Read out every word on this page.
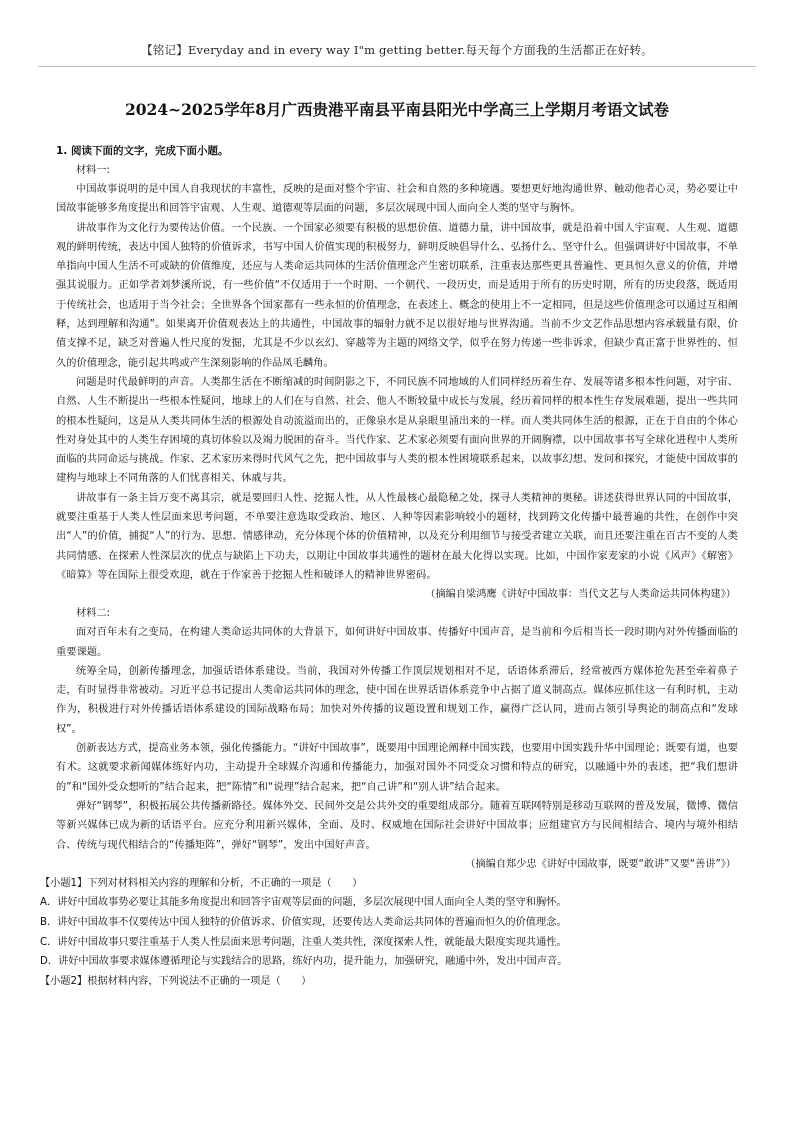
【铭记】Everyday and in every way I"m getting better.每天每个方面我的生活都正在好转。
2024~2025学年8月广西贵港平南县平南县阳光中学高三上学期月考语文试卷
1. 阅读下面的文字，完成下面小题。
材料一:

中国故事说明的是中国人自我现状的丰富性，反映的是面对整个宇宙、社会和自然的多种境遇。要想更好地沟通世界、触动他者心灵，势必要让中国故事能够多角度提出和回答宇宙观、人生观、道德观等层面的问题，多层次展现中国人面向全人类的坚守与胸怀。

讲故事作为文化行为要传达价值。一个民族、一个国家必须要有积极的思想价值、道德力量，讲中国故事，就是沿着中国人宇宙观、人生观、道德观的鲜明传统，表达中国人独特的价值诉求，书写中国人价值实现的积极努力，鲜明反映倡导什么、弘扬什么、坚守什么。但强调讲好中国故事，不单单指向中国人生活不可或缺的价值维度，还应与人类命运共同体的生活价值理念产生密切联系，注重表达那些更具普遍性、更具恒久意义的价值，并增强其说服力。正如学者刘梦溪所说，有一些价值“不仅适用于一个时期、一个朝代、一段历史，而是适用于所有的历史时期，所有的历史段落，既适用于传统社会，也适用于当今社会；全世界各个国家都有一些永恒的价值理念，在表述上、概念的使用上不一定相同，但是这些价值理念可以通过互相阐释，达到理解和沟通”。如果离开价值观表达上的共通性，中国故事的辐射力就不足以很好地与世界沟通。当前不少文艺作品思想内容承载量有限，价值支撑不足，缺乏对普遍人性尺度的发掘，尤其是不少以玄幻、穿越等为主题的网络文学，似乎在努力传递一些非诉求，但缺少真正富于世界性的、恒久的价值理念，能引起共鸣或产生深刻影响的作品凤毛麟角。

问题是时代最鲜明的声音。人类都生活在不断缩减的时间阴影之下，不同民族不同地域的人们同样经历着生存、发展等诸多根本性问题，对宇宙、自然、人生不断提出一些根本性疑问，地球上的人们在与自然、社会、他人不断较量中成长与发展，经历着同样的根本性生存发展难题，提出一些共同的根本性疑问，这是从人类共同体生活的根源处自动流溢而出的，正像泉水是从泉眼里涌出来的一样。而人类共同体生活的根源，正在于自由的个体心性对身处其中的人类生存困境的真切体验以及竭力脱困的奋斗。当代作家、艺术家必须要有面向世界的开阔胸襟，以中国故事书写全球化进程中人类所面临的共同命运与挑战。作家、艺术家历来得时代风气之先，把中国故事与人类的根本性困境联系起来，以故事幻想、发问和探究，才能使中国故事的建构与地球上不同角落的人们忧喜相关、休戚与共。

讲故事有一条主旨万变不离其宗，就是要回归人性、挖掘人性，从人性最核心最隐秘之处，探寻人类精神的奥秘。讲述获得世界认同的中国故事，就要注重基于人类人性层面来思考问题，不单要注意选取受政治、地区、人种等因素影响较小的题材，找到跨文化传播中最普遍的共性，在创作中突出“人”的价值，捕捉“人”的行为、思想、情感律动，充分体现个体的价值精神，以及充分利用细节与接受者建立关联，而且还要注重在百古不变的人类共同情感、在探索人性深层次的优点与缺陷上下功夫，以期让中国故事共通性的题材在最大化得以实现。比如，中国作家麦家的小说《风声》《解密》《暗算》等在国际上很受欢迎，就在于作家善于挖掘人性和破译人的精神世界密码。

（摘编自梁鸿鹰《讲好中国故事：当代文艺与人类命运共同体构建》）
材料二:

面对百年未有之变局，在构建人类命运共同体的大背景下，如何讲好中国故事、传播好中国声音，是当前和今后相当长一段时期内对外传播面临的重要课题。

统筹全局，创新传播理念，加强话语体系建设。当前，我国对外传播工作顶层规划相对不足，话语体系滞后，经常被西方媒体抢先甚至牵着鼻子走，有时显得非常被动。习近平总书记提出人类命运共同体的理念，使中国在世界话语体系竞争中占据了道义制高点。媒体应抓住这一有利时机，主动作为，积极进行对外传播话语体系建设的国际战略布局；加快对外传播的议题设置和规划工作，赢得广泛认同，进而占领引导舆论的制高点和“发球权”。

创新表达方式，提高业务本领，强化传播能力。“讲好中国故事”，既要用中国理论阐释中国实践，也要用中国实践升华中国理论；既要有道，也要有术。这就要求新闻媒体练好内功，主动提升全球媒介沟通和传播能力，加强对国外不同受众习惯和特点的研究，以融通中外的表述，把“我们想讲的”和“国外受众想听的”结合起来，把“陈情”和“说理”结合起来，把“自己讲”和“别人讲”结合起来。

弹好“钢琴”，积极拓展公共传播新路径。媒体外交、民间外交是公共外交的重要组成部分。随着互联网特别是移动互联网的普及发展，微博、微信等新兴媒体已成为新的话语平台。应充分利用新兴媒体，全面、及时、权威地在国际社会讲好中国故事；应组建官方与民间相结合、境内与境外相结合、传统与现代相结合的“传播矩阵”，弹好“钢琴”，发出中国好声音。

（摘编自郑少忠《讲好中国故事，既要“敢讲”又要“善讲”》）
【小题1】下列对材料相关内容的理解和分析，不正确的一项是（　　）
A．讲好中国故事势必要让其能多角度提出和回答宇宙观等层面的问题，多层次展现中国人面向全人类的坚守和胸怀。
B．讲好中国故事不仅要传达中国人独特的价值诉求、价值实现，还要传达人类命运共同体的普遍而恒久的价值理念。
C．讲好中国故事只要注重基于人类人性层面来思考问题，注重人类共性，深度探索人性，就能最大限度实现共通性。
D．讲好中国故事要求媒体遵循理论与实践结合的思路，练好内功，提升能力，加强研究，融通中外，发出中国声音。
【小题2】根据材料内容，下列说法不正确的一项是（　　）
